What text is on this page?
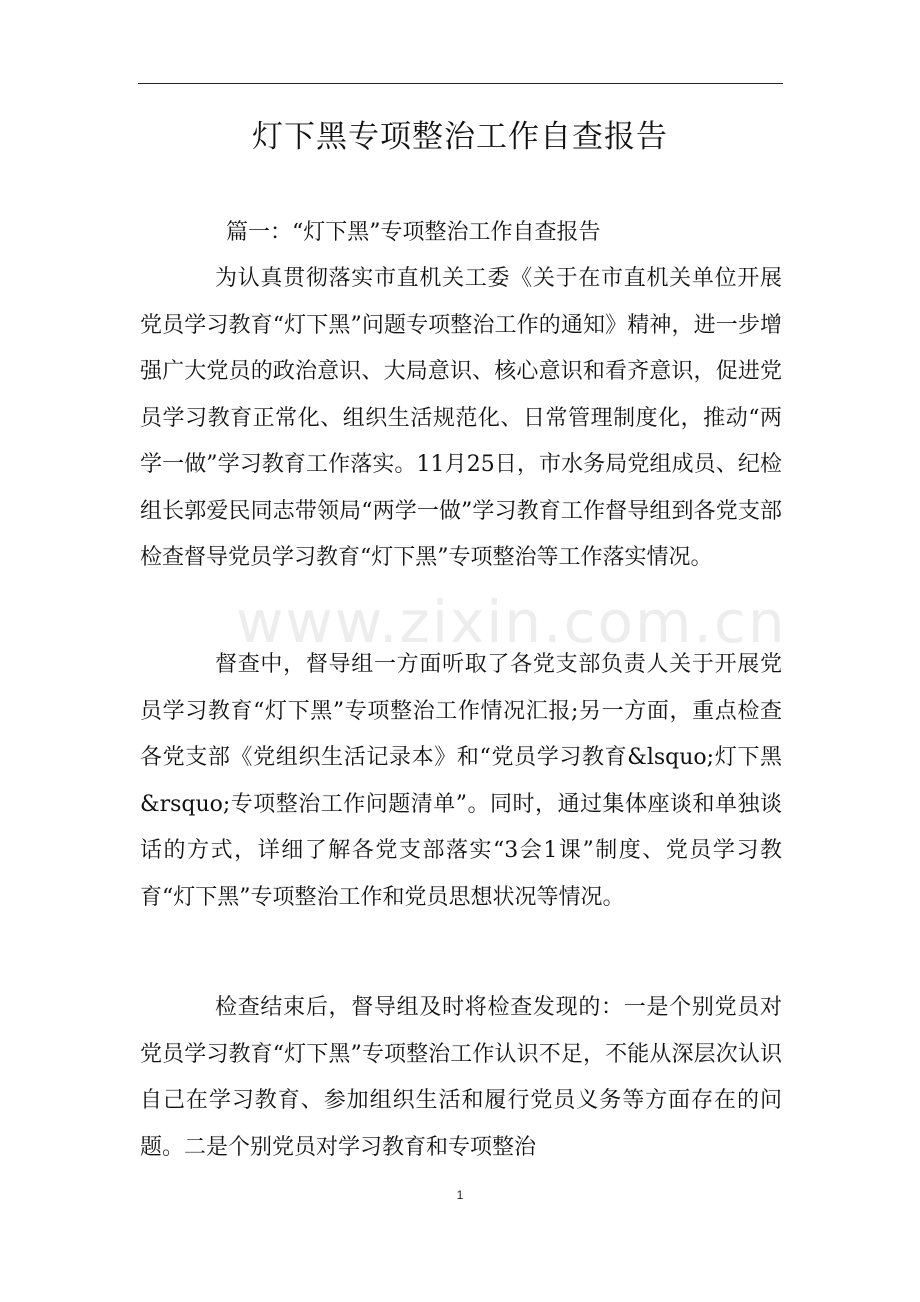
灯下黑专项整治工作自查报告
篇一：“灯下黑”专项整治工作自查报告

为认真贯彻落实市直机关工委《关于在市直机关单位开展党员学习教育“灯下黑”问题专项整治工作的通知》精神，进一步增强广大党员的政治意识、大局意识、核心意识和看齐意识，促进党员学习教育正常化、组织生活规范化、日常管理制度化，推动“两学一做”学习教育工作落实。11月25日，市水务局党组成员、纪检组长郭爱民同志带领局“两学一做”学习教育工作督导组到各党支部检查督导党员学习教育“灯下黑”专项整治等工作落实情况。

督查中，督导组一方面听取了各党支部负责人关于开展党员学习教育“灯下黑”专项整治工作情况汇报;另一方面，重点检查各党支部《党组织生活记录本》和“党员学习教育&lsquo;灯下黑&rsquo;专项整治工作问题清单”。同时，通过集体座谈和单独谈话的方式，详细了解各党支部落实“3会1课”制度、党员学习教育“灯下黑”专项整治工作和党员思想状况等情况。

检查结束后，督导组及时将检查发现的：一是个别党员对党员学习教育“灯下黑”专项整治工作认识不足，不能从深层次认识自己在学习教育、参加组织生活和履行党员义务等方面存在的问题。二是个别党员对学习教育和专项整治

www.zixin.com.cn
1
